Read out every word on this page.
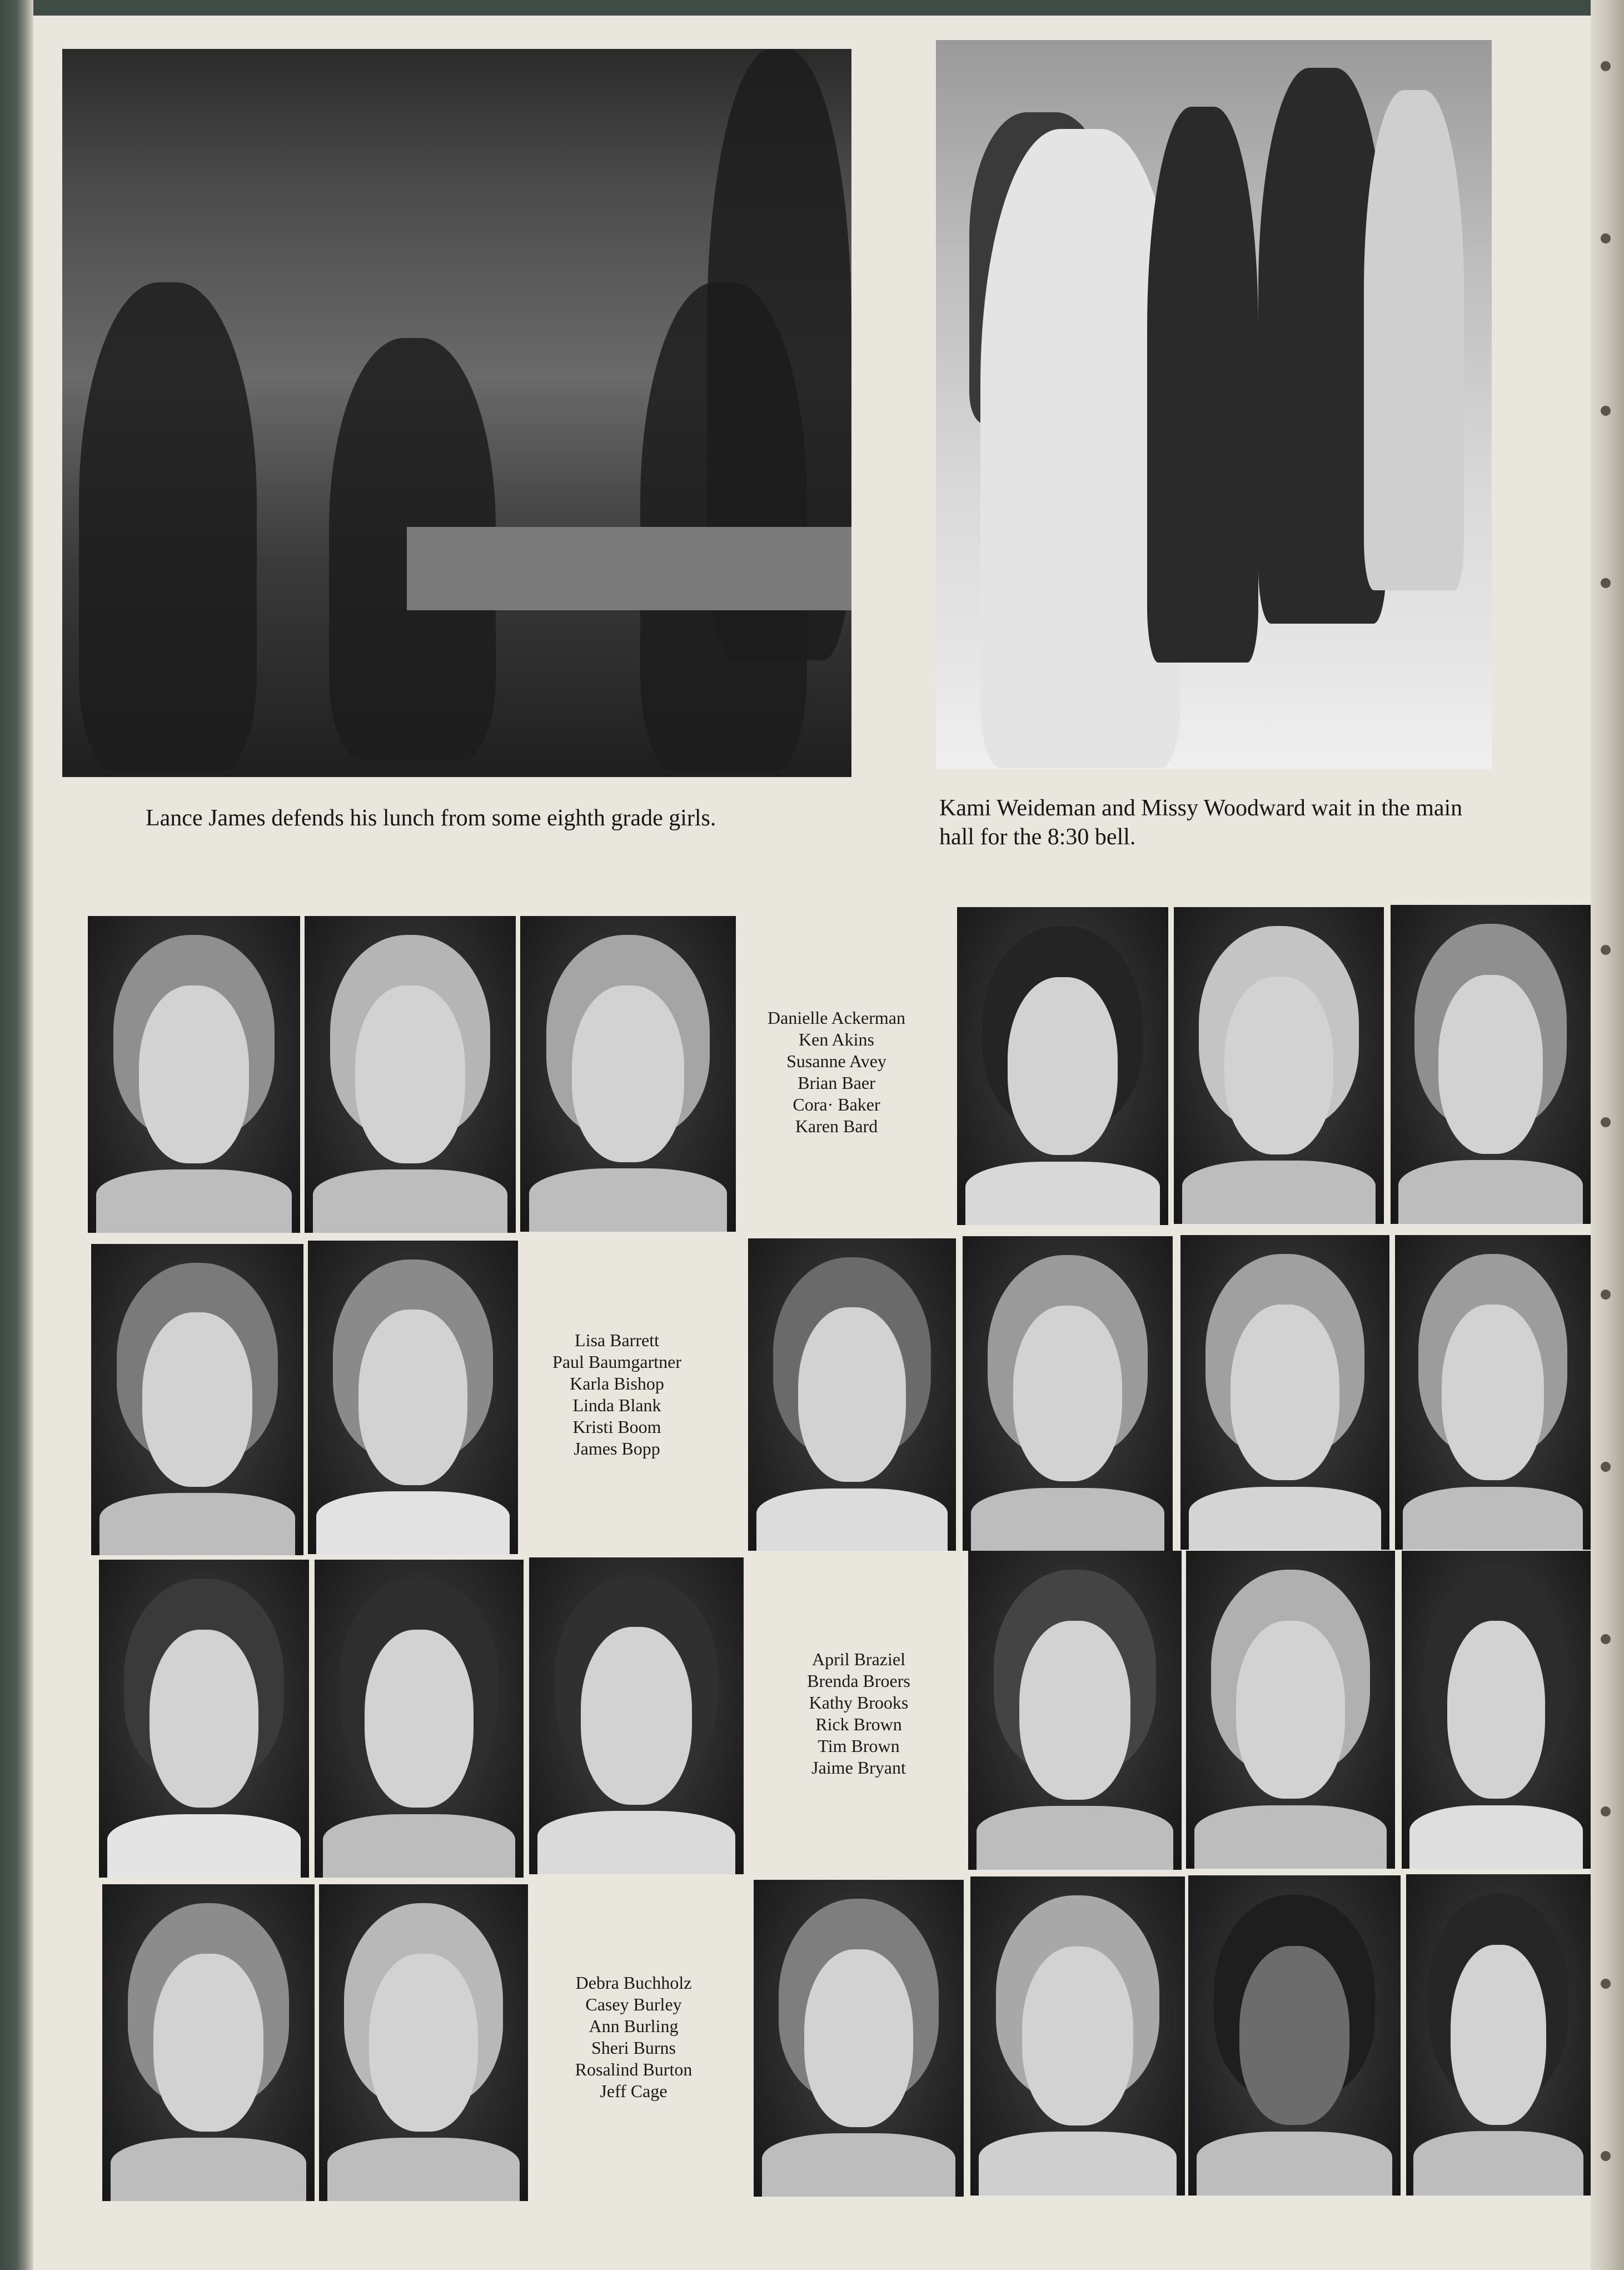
Lance James defends his lunch from some eighth grade girls.	Kami Weideman and Missy Woodward wait in the main hall for the 8:30 bell.
Danielle Ackerman
Ken Akins
Susanne Avey
Brian Baer
Cora· Baker
Karen Bard
Lisa Barrett
Paul Baumgartner
Karla Bishop
Linda Blank
Kristi Boom
James Bopp
April Braziel
Brenda Broers
Kathy Brooks
Rick Brown
Tim Brown
Jaime Bryant
Debra Buchholz
Casey Burley
Ann Burling
Sheri Burns
Rosalind Burton
Jeff Cage
